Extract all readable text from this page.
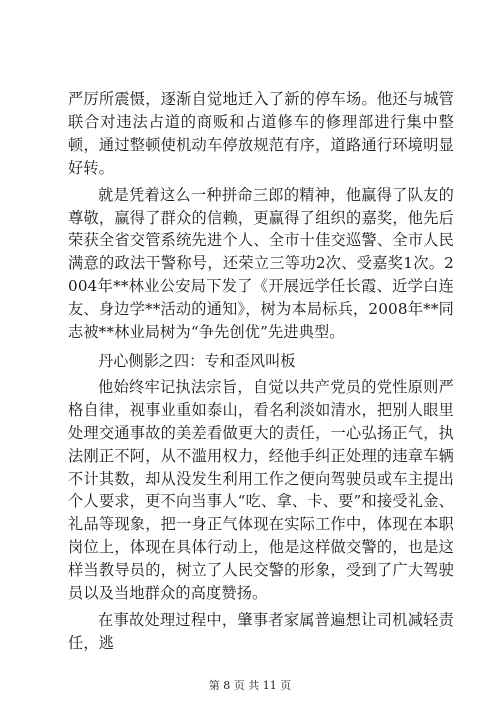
严厉所震慑，逐渐自觉地迁入了新的停车场。他还与城管联合对违法占道的商贩和占道修车的修理部进行集中整顿，通过整顿使机动车停放规范有序，道路通行环境明显好转。

就是凭着这么一种拼命三郎的精神，他赢得了队友的尊敬，赢得了群众的信赖，更赢得了组织的嘉奖，他先后荣获全省交管系统先进个人、全市十佳交巡警、全市人民满意的政法干警称号，还荣立三等功2次、受嘉奖1次。2004年**林业公安局下发了《开展远学任长霞、近学白连友、身边学**活动的通知》，树为本局标兵，2008年**同志被**林业局树为“争先创优”先进典型。

丹心侧影之四：专和歪风叫板

他始终牢记执法宗旨，自觉以共产党员的党性原则严格自律，视事业重如泰山，看名利淡如清水，把别人眼里处理交通事故的美差看做更大的责任，一心弘扬正气，执法刚正不阿，从不滥用权力，经他手纠正处理的违章车辆不计其数，却从没发生利用工作之便向驾驶员或车主提出个人要求，更不向当事人“吃、拿、卡、要”和接受礼金、礼品等现象，把一身正气体现在实际工作中，体现在本职岗位上，体现在具体行动上，他是这样做交警的，也是这样当教导员的，树立了人民交警的形象，受到了广大驾驶员以及当地群众的高度赞扬。

在事故处理过程中，肇事者家属普遍想让司机减轻责任，逃

第 8 页 共 11 页
